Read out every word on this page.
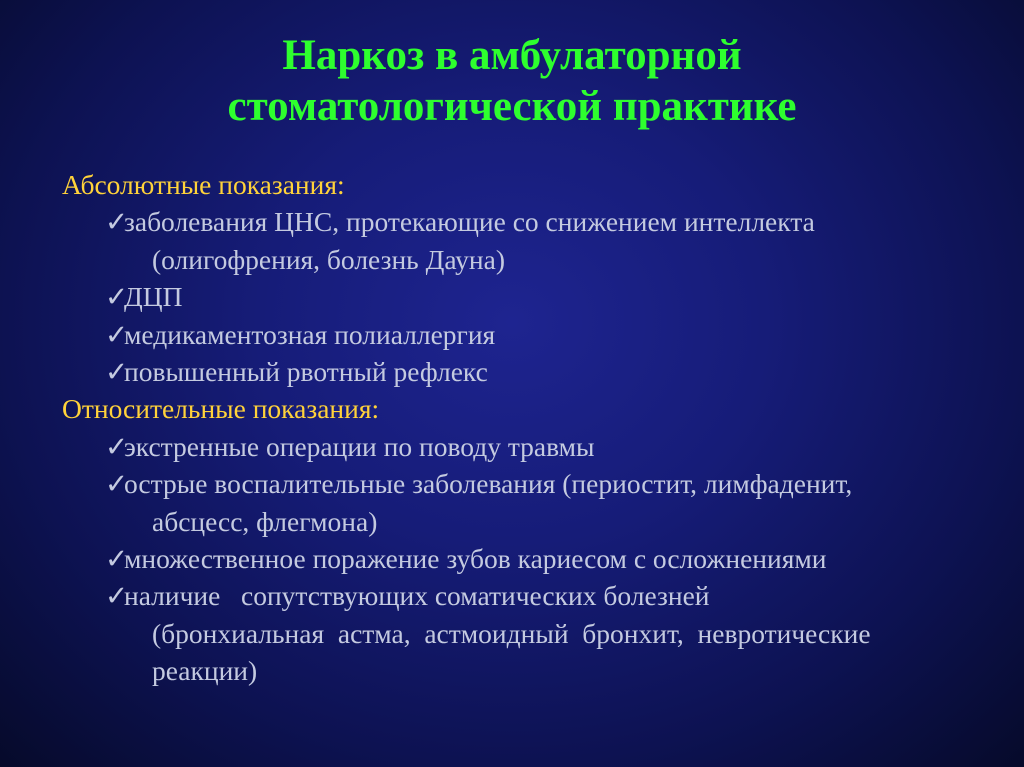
Наркоз в амбулаторной
стоматологической практике
Абсолютные показания:
✓заболевания ЦНС, протекающие со снижением интеллекта
(олигофрения, болезнь Дауна)
✓ДЦП
✓медикаментозная полиаллергия
✓повышенный рвотный рефлекс
Относительные показания:
✓экстренные операции по поводу травмы
✓острые воспалительные заболевания (периостит, лимфаденит,
абсцесс, флегмона)
✓множественное поражение зубов кариесом с осложнениями
✓наличие   сопутствующих соматических болезней
(бронхиальная  астма,  астмоидный  бронхит,  невротические
реакции)
